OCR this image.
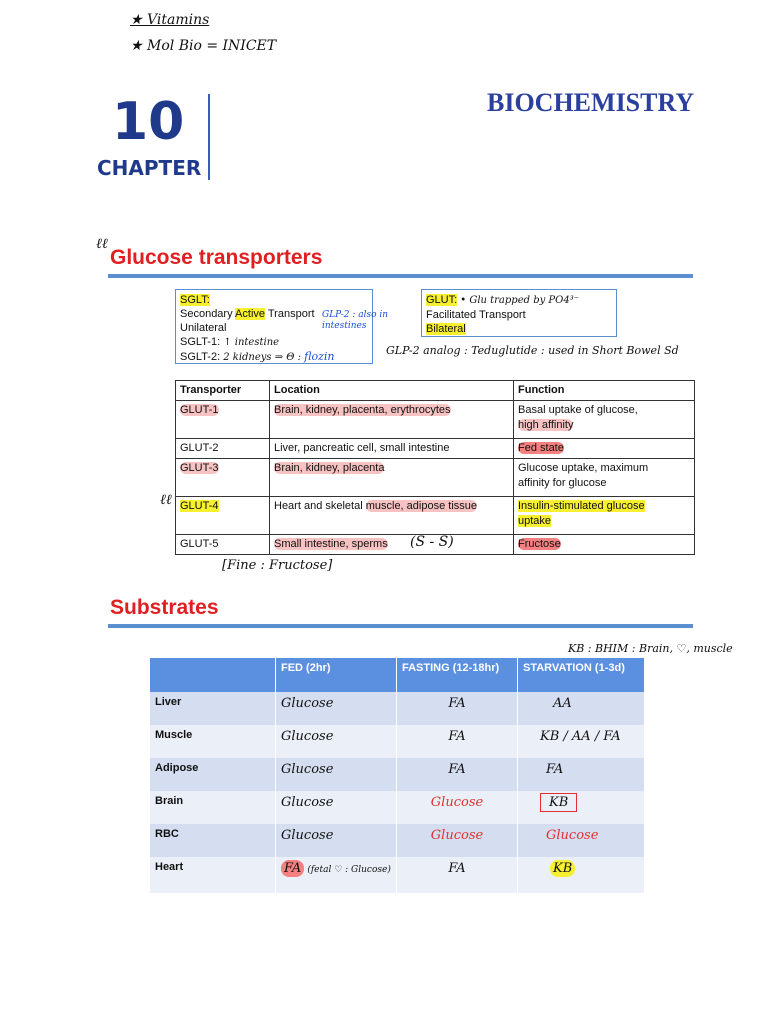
★ Vitamins
★ Mol Bio = INICET
10
CHAPTER
BIOCHEMISTRY
ℓℓ
Glucose transporters
SGLT:
Secondary Active Transport
Unilateral
SGLT-1: ↑ intestine
SGLT-2: 2 kidneys ⇒ Θ : flozin
GLUT: • Glu trapped by PO4³⁻
Facilitated Transport
Bilateral
GLP-2 : also in intestines
GLP-2 analog : Teduglutide : used in Short Bowel Sd
Transporter	Location	Function
GLUT-1	Brain, kidney, placenta, erythrocytes	Basal uptake of glucose,
high affinity

GLUT-2	Liver, pancreatic cell, small intestine	Fed state
GLUT-3	Brain, kidney, placenta	Glucose uptake, maximum
affinity for glucose

GLUT-4	Heart and skeletal muscle, adipose tissue	Insulin-stimulated glucose
uptake

GLUT-5	Small intestine, sperms	Fructose
ℓℓ
(S - S)
[Fine : Fructose]
Substrates
KB : BHIM : Brain, ♡, muscle
	FED (2hr)	FASTING (12-18hr)	STARVATION (1-3d)
Liver	Glucose	FA	AA
Muscle	Glucose	FA	KB / AA / FA
Adipose	Glucose	FA	FA
Brain	Glucose	Glucose	KB
RBC	Glucose	Glucose	Glucose
Heart	FA (fetal ♡ : Glucose)	FA	KB
